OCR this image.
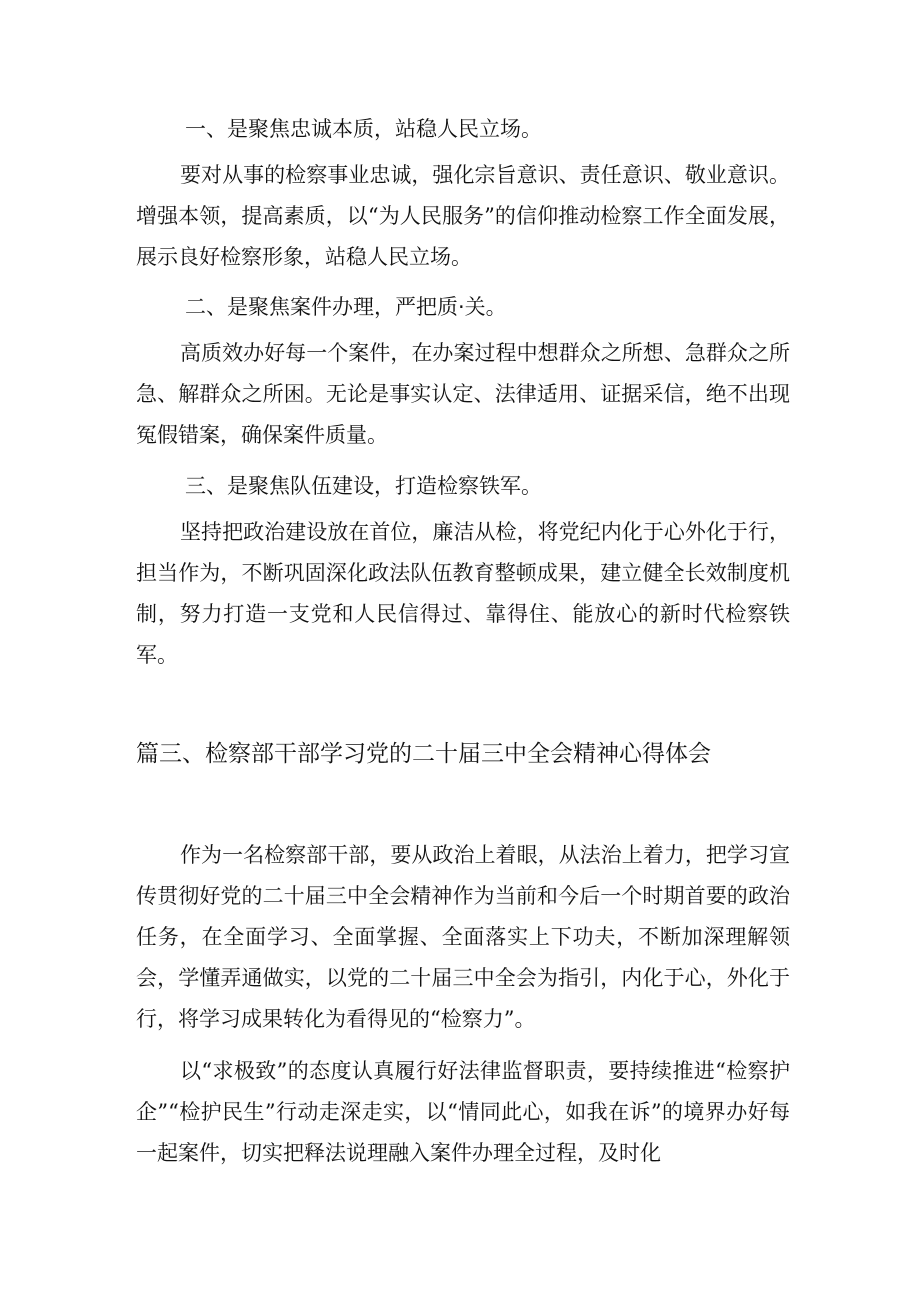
一、是聚焦忠诚本质，站稳人民立场。

要对从事的检察事业忠诚，强化宗旨意识、责任意识、敬业意识。增强本领，提高素质，以“为人民服务”的信仰推动检察工作全面发展，展示良好检察形象，站稳人民立场。

二、是聚焦案件办理，严把质·关。

高质效办好每一个案件，在办案过程中想群众之所想、急群众之所急、解群众之所困。无论是事实认定、法律适用、证据采信，绝不出现冤假错案，确保案件质量。

三、是聚焦队伍建设，打造检察铁军。

坚持把政治建设放在首位，廉洁从检，将党纪内化于心外化于行，担当作为，不断巩固深化政法队伍教育整顿成果，建立健全长效制度机制，努力打造一支党和人民信得过、靠得住、能放心的新时代检察铁军。

篇三、检察部干部学习党的二十届三中全会精神心得体会

作为一名检察部干部，要从政治上着眼，从法治上着力，把学习宣传贯彻好党的二十届三中全会精神作为当前和今后一个时期首要的政治任务，在全面学习、全面掌握、全面落实上下功夫，不断加深理解领会，学懂弄通做实，以党的二十届三中全会为指引，内化于心，外化于行，将学习成果转化为看得见的“检察力”。

以“求极致”的态度认真履行好法律监督职责，要持续推进“检察护企”“检护民生”行动走深走实，以“情同此心，如我在诉”的境界办好每一起案件，切实把释法说理融入案件办理全过程，及时化
